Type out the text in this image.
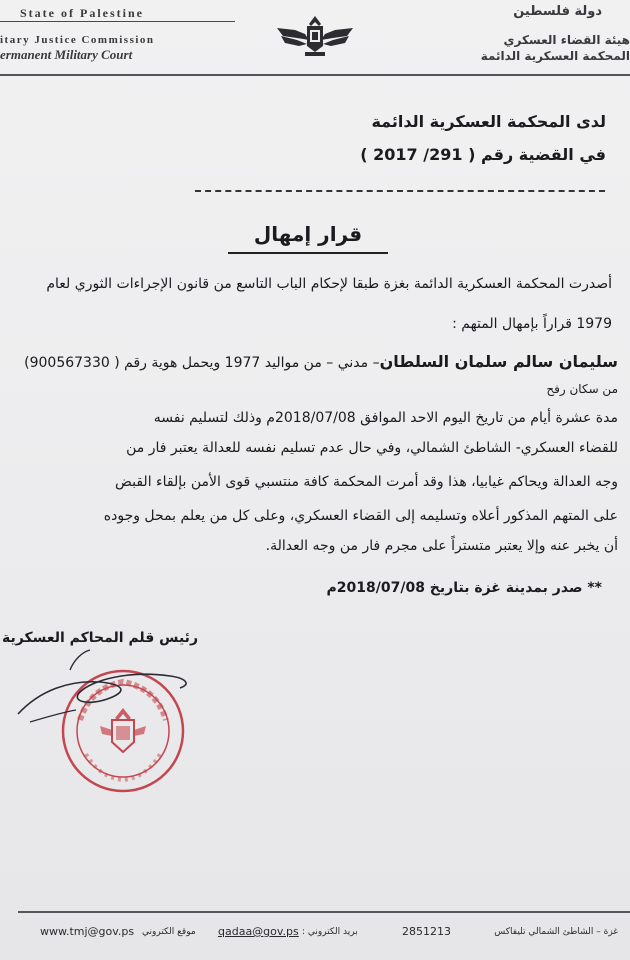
State of Palestine
itary Justice Commission
ermanent Military Court
دولة فلسطين
هيئة القضاء العسكري
المحكمة العسكرية الدائمة
لدى المحكمة العسكرية الدائمة
في القضية رقم ( 291/ 2017 )
قرار إمهال
أصدرت المحكمة العسكرية الدائمة بغزة طبقا لإحكام الباب التاسع من قانون الإجراءات الثوري لعام
1979 قراراً بإمهال المتهم :
سليمان سالم سلمان السلطان– مدني – من مواليد 1977 ويحمل هوية رقم ( 900567330)
من سكان رفح
مدة عشرة أيام من تاريخ اليوم الاحد الموافق 2018/07/08م وذلك لتسليم نفسه
للقضاء العسكري- الشاطئ الشمالي، وفي حال عدم تسليم نفسه للعدالة يعتبر فار من
وجه العدالة ويحاكم غيابيا، هذا وقد أمرت المحكمة كافة منتسبي قوى الأمن بإلقاء القبض
على المتهم المذكور أعلاه وتسليمه إلى القضاء العسكري، وعلى كل من يعلم بمحل وجوده
أن يخبر عنه وإلا يعتبر متستراً على مجرم فار من وجه العدالة.
** صدر بمدينة غزة بتاريخ 2018/07/08م
رئيس قلم المحاكم العسكرية
www.tmj@gov.ps موقع الكتروني qadaa@gov.ps بريد الكتروني :	2851213	غزة – الشاطئ الشمالي تليفاكس
